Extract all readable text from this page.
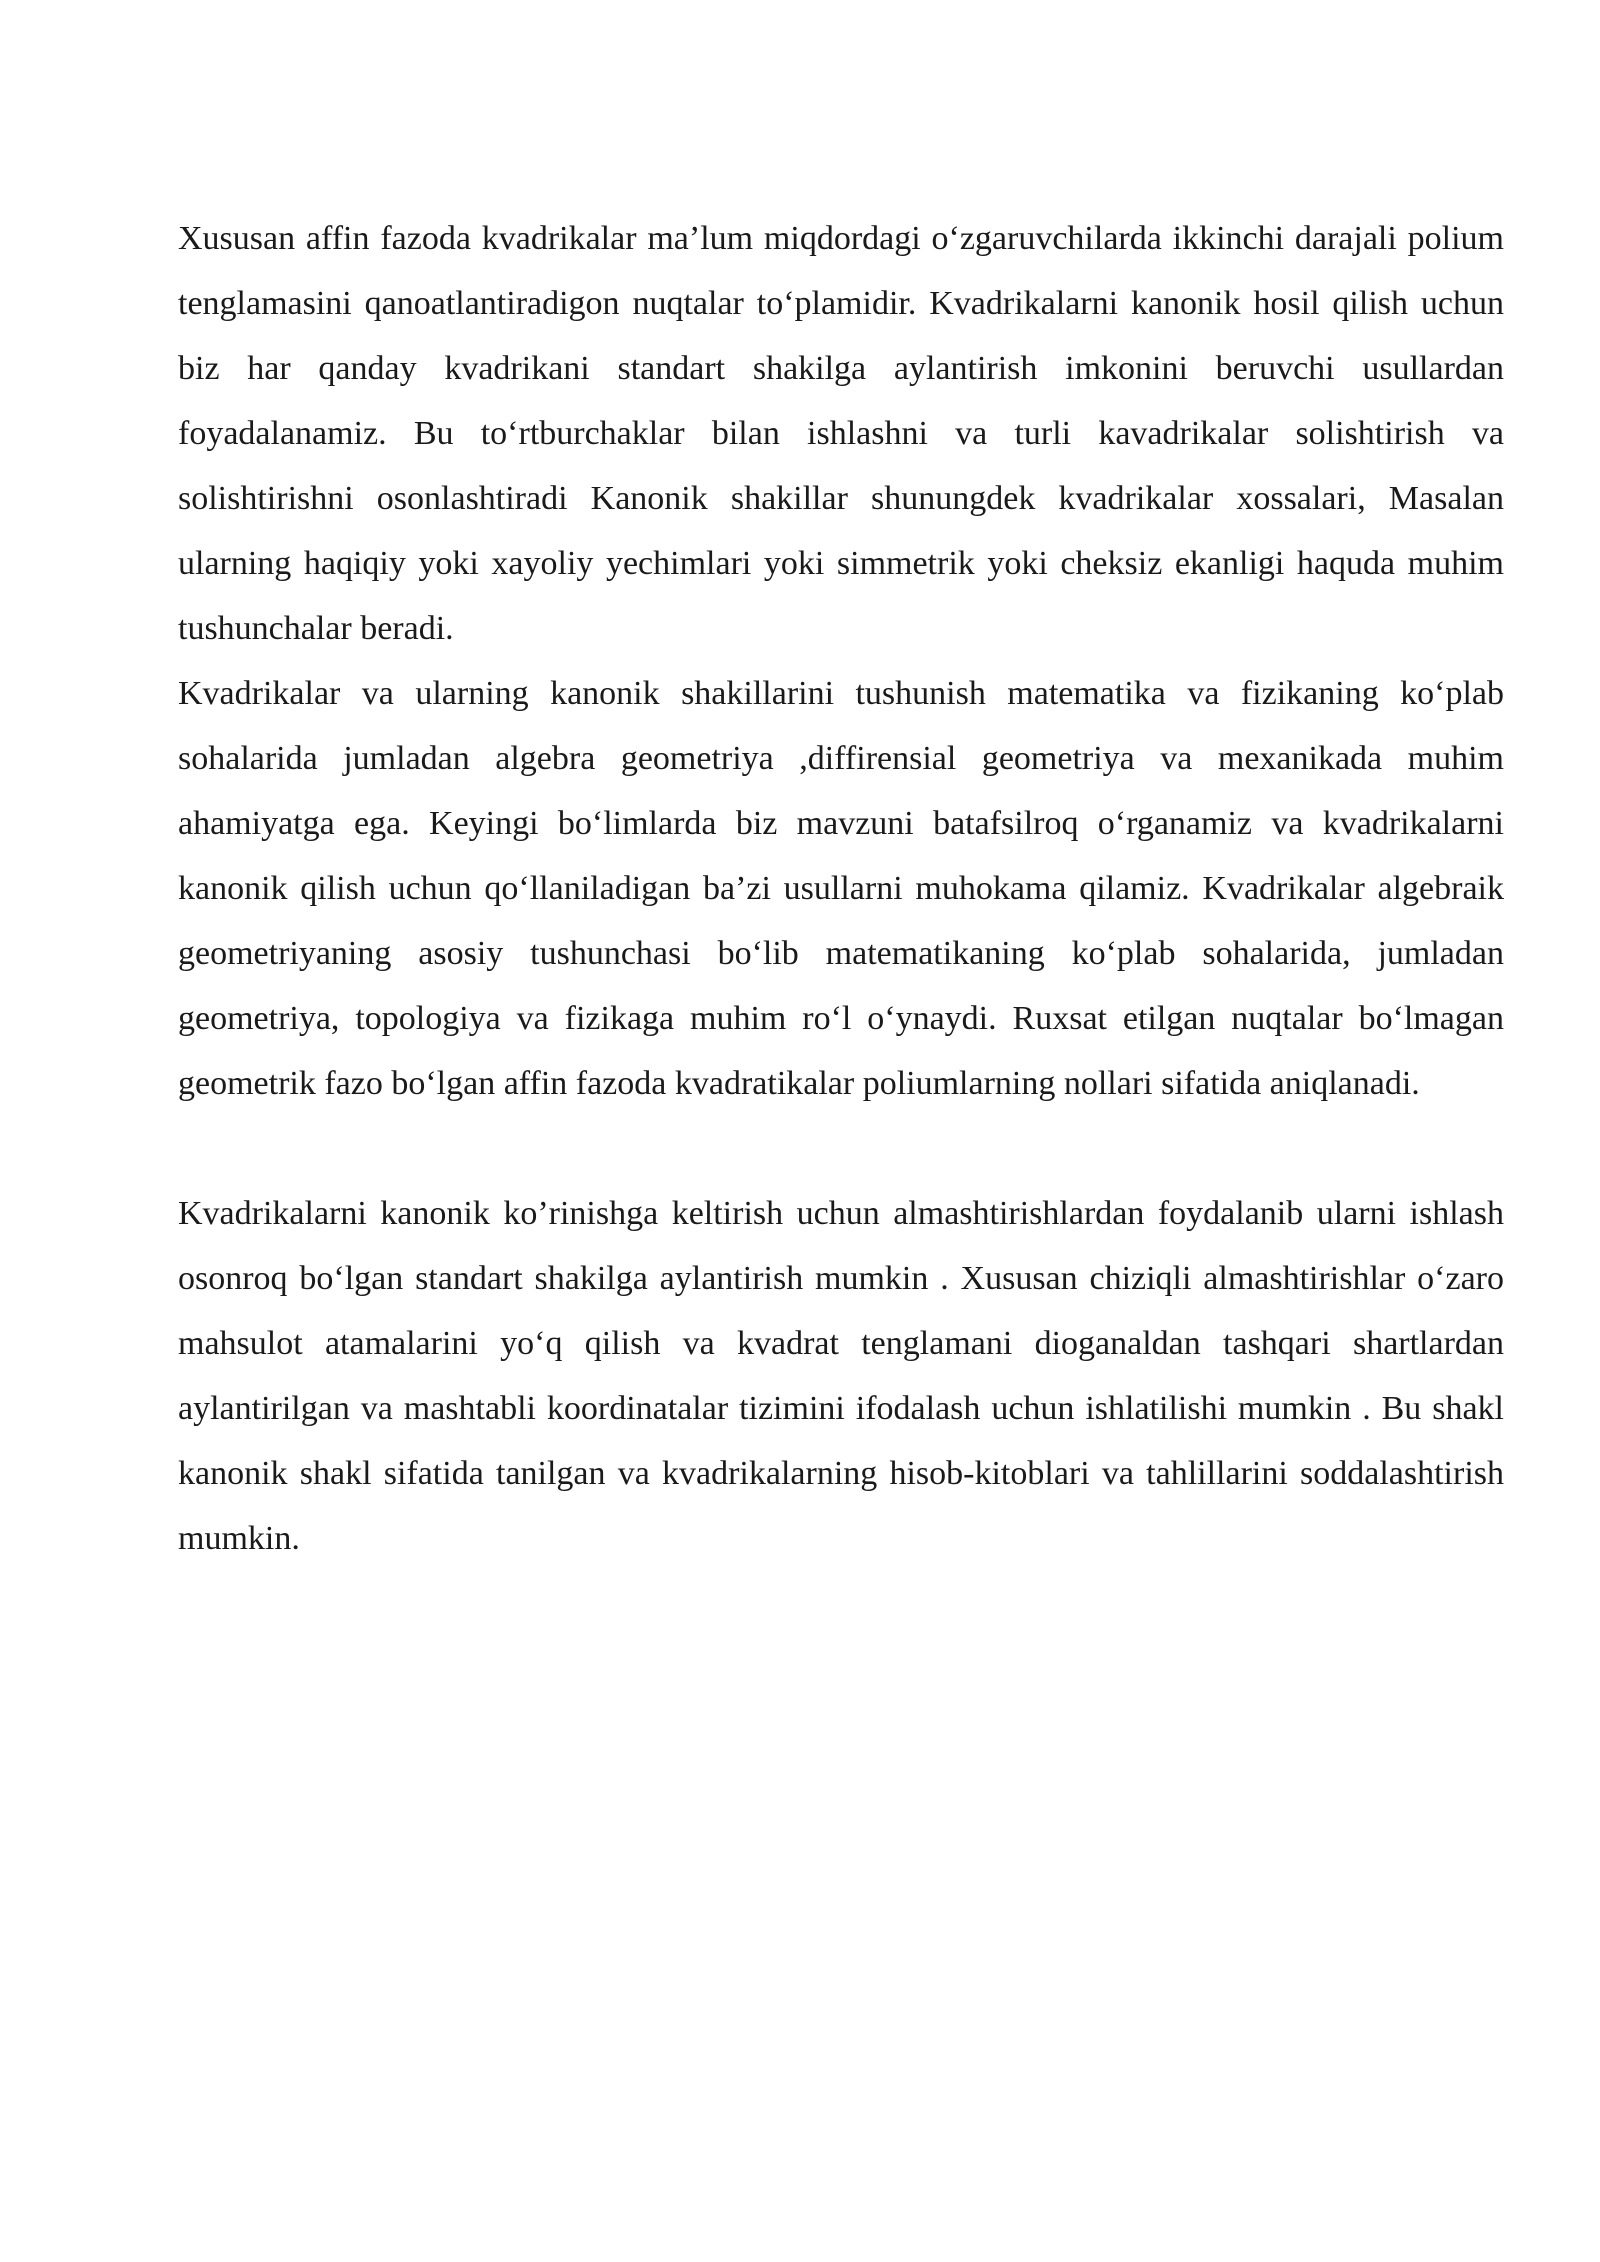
Xususan affin fazoda kvadrikalar ma’lum miqdordagi o‘zgaruvchilarda ikkinchi darajali polium tenglamasini qanoatlantiradigon nuqtalar to‘plamidir. Kvadrikalarni kanonik hosil qilish uchun biz har qanday kvadrikani standart shakilga aylantirish imkonini beruvchi usullardan foyadalanamiz. Bu to‘rtburchaklar bilan ishlashni va turli kavadrikalar solishtirish va solishtirishni osonlashtiradi Kanonik shakillar shunungdek kvadrikalar xossalari, Masalan ularning haqiqiy yoki xayoliy yechimlari yoki simmetrik yoki cheksiz ekanligi haquda muhim tushunchalar beradi.

Kvadrikalar va ularning kanonik shakillarini tushunish matematika va fizikaning ko‘plab sohalarida jumladan algebra geometriya ,diffirensial geometriya va mexanikada muhim ahamiyatga ega. Keyingi bo‘limlarda biz mavzuni batafsilroq o‘rganamiz va kvadrikalarni kanonik qilish uchun qo‘llaniladigan ba’zi usullarni muhokama qilamiz. Kvadrikalar algebraik geometriyaning asosiy tushunchasi bo‘lib matematikaning ko‘plab sohalarida, jumladan geometriya, topologiya va fizikaga muhim ro‘l o‘ynaydi. Ruxsat etilgan nuqtalar bo‘lmagan geometrik fazo bo‘lgan affin fazoda kvadratikalar poliumlarning nollari sifatida aniqlanadi.

Kvadrikalarni kanonik ko’rinishga keltirish uchun almashtirishlardan foydalanib ularni ishlash osonroq bo‘lgan standart shakilga aylantirish mumkin . Xususan chiziqli almashtirishlar o‘zaro mahsulot atamalarini yo‘q qilish va kvadrat tenglamani dioganaldan tashqari shartlardan aylantirilgan va mashtabli koordinatalar tizimini ifodalash uchun ishlatilishi mumkin . Bu shakl kanonik shakl sifatida tanilgan va kvadrikalarning hisob-kitoblari va tahlillarini soddalashtirish mumkin.
